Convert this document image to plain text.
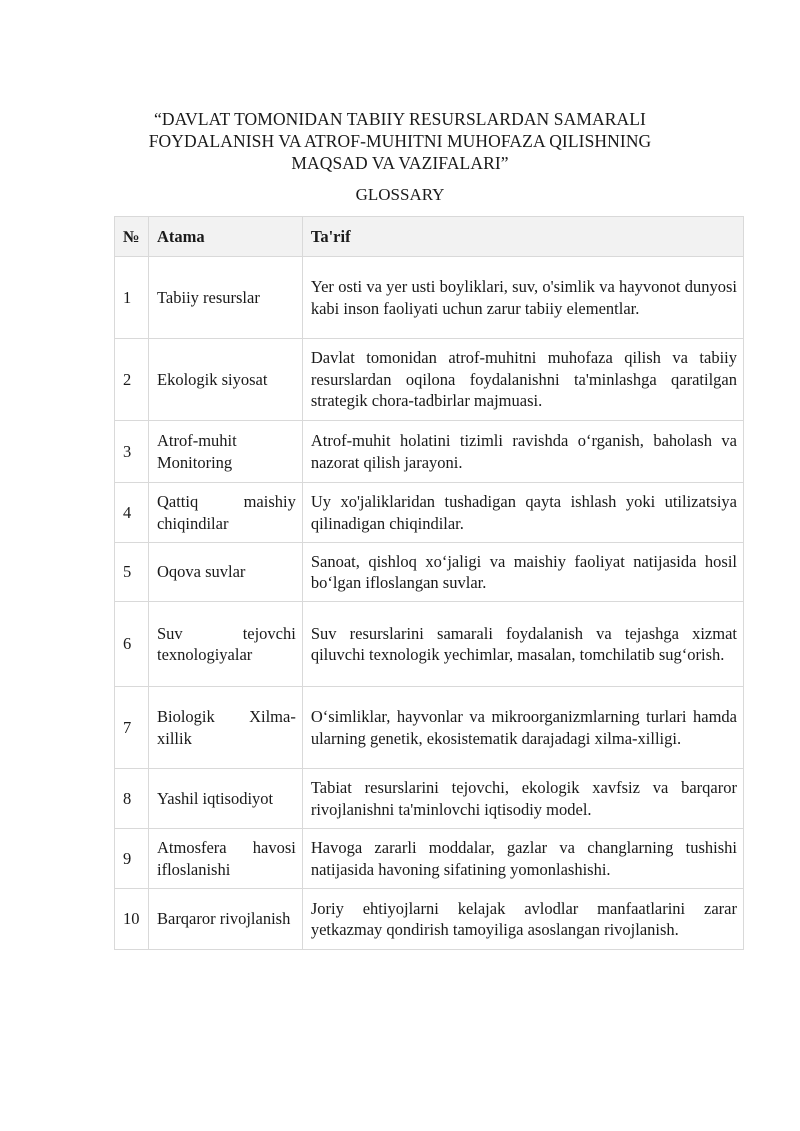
“DAVLAT TOMONIDAN TABIIY RESURSLARDAN SAMARALI
FOYDALANISH VA ATROF-MUHITNI MUHOFAZA QILISHNING
MAQSAD VA VAZIFALARI”
GLOSSARY
№	Atama	Ta'rif
1	Tabiiy resurslar	Yer osti va yer usti boyliklari, suv, o'simlik va hayvonot dunyosi kabi inson faoliyati uchun zarur tabiiy elementlar.
2	Ekologik siyosat	Davlat tomonidan atrof-muhitni muhofaza qilish va tabiiy resurslardan oqilona foydalanishni ta'minlashga qaratilgan strategik chora-tadbirlar majmuasi.
3	Atrof-muhit Monitoring	Atrof-muhit holatini tizimli ravishda o‘rganish, baholash va nazorat qilish jarayoni.
4	Qattiq maishiy chiqindilar	Uy xo'jaliklaridan tushadigan qayta ishlash yoki utilizatsiya qilinadigan chiqindilar.
5	Oqova suvlar	Sanoat, qishloq xo‘jaligi va maishiy faoliyat natijasida hosil bo‘lgan ifloslangan suvlar.
6	Suv tejovchi texnologiyalar	Suv resurslarini samarali foydalanish va tejashga xizmat qiluvchi texnologik yechimlar, masalan, tomchilatib sug‘orish.
7	Biologik Xilma-xillik	O‘simliklar, hayvonlar va mikroorganizmlarning turlari hamda ularning genetik, ekosistematik darajadagi xilma-xilligi.
8	Yashil iqtisodiyot	Tabiat resurslarini tejovchi, ekologik xavfsiz va barqaror rivojlanishni ta'minlovchi iqtisodiy model.
9	Atmosfera havosi ifloslanishi	Havoga zararli moddalar, gazlar va changlarning tushishi natijasida havoning sifatining yomonlashishi.
10	Barqaror rivojlanish	Joriy ehtiyojlarni kelajak avlodlar manfaatlarini zarar yetkazmay qondirish tamoyiliga asoslangan rivojlanish.
